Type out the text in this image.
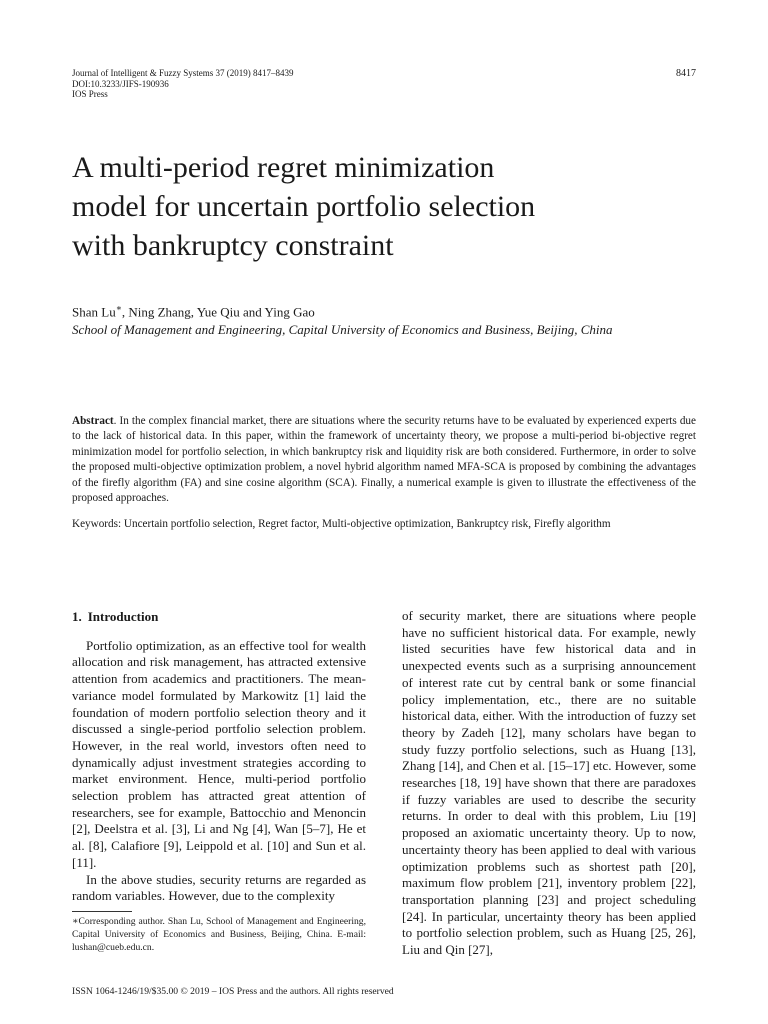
Journal of Intelligent & Fuzzy Systems 37 (2019) 8417–8439
DOI:10.3233/JIFS-190936
IOS Press
8417
A multi-period regret minimization
model for uncertain portfolio selection
with bankruptcy constraint
Shan Lu∗, Ning Zhang, Yue Qiu and Ying Gao
School of Management and Engineering, Capital University of Economics and Business, Beijing, China

Abstract. In the complex financial market, there are situations where the security returns have to be evaluated by experienced experts due to the lack of historical data. In this paper, within the framework of uncertainty theory, we propose a multi-period bi-objective regret minimization model for portfolio selection, in which bankruptcy risk and liquidity risk are both considered. Furthermore, in order to solve the proposed multi-objective optimization problem, a novel hybrid algorithm named MFA-SCA is proposed by combining the advantages of the firefly algorithm (FA) and sine cosine algorithm (SCA). Finally, a numerical example is given to illustrate the effectiveness of the proposed approaches.

Keywords: Uncertain portfolio selection, Regret factor, Multi-objective optimization, Bankruptcy risk, Firefly algorithm
1. Introduction

Portfolio optimization, as an effective tool for wealth allocation and risk management, has attracted extensive attention from academics and practitioners. The mean-variance model formulated by Markowitz [1] laid the foundation of modern portfolio selection theory and it discussed a single-period portfolio selection problem. However, in the real world, investors often need to dynamically adjust investment strategies according to market environment. Hence, multi-period portfolio selection problem has attracted great attention of researchers, see for example, Battocchio and Menoncin [2], Deelstra et al. [3], Li and Ng [4], Wan [5–7], He et al. [8], Calafiore [9], Leippold et al. [10] and Sun et al. [11].

In the above studies, security returns are regarded as random variables. However, due to the complexity

of security market, there are situations where people have no sufficient historical data. For example, newly listed securities have few historical data and in unexpected events such as a surprising announcement of interest rate cut by central bank or some financial policy implementation, etc., there are no suitable historical data, either. With the introduction of fuzzy set theory by Zadeh [12], many scholars have began to study fuzzy portfolio selections, such as Huang [13], Zhang [14], and Chen et al. [15–17] etc. However, some researches [18, 19] have shown that there are paradoxes if fuzzy variables are used to describe the security returns. In order to deal with this problem, Liu [19] proposed an axiomatic uncertainty theory. Up to now, uncertainty theory has been applied to deal with various optimization problems such as shortest path [20], maximum flow problem [21], inventory problem [22], transportation planning [23] and project scheduling [24]. In particular, uncertainty theory has been applied to portfolio selection problem, such as Huang [25, 26], Liu and Qin [27],

∗Corresponding author. Shan Lu, School of Management and Engineering, Capital University of Economics and Business, Beijing, China. E-mail: lushan@cueb.edu.cn.
ISSN 1064-1246/19/$35.00 © 2019 – IOS Press and the authors. All rights reserved
